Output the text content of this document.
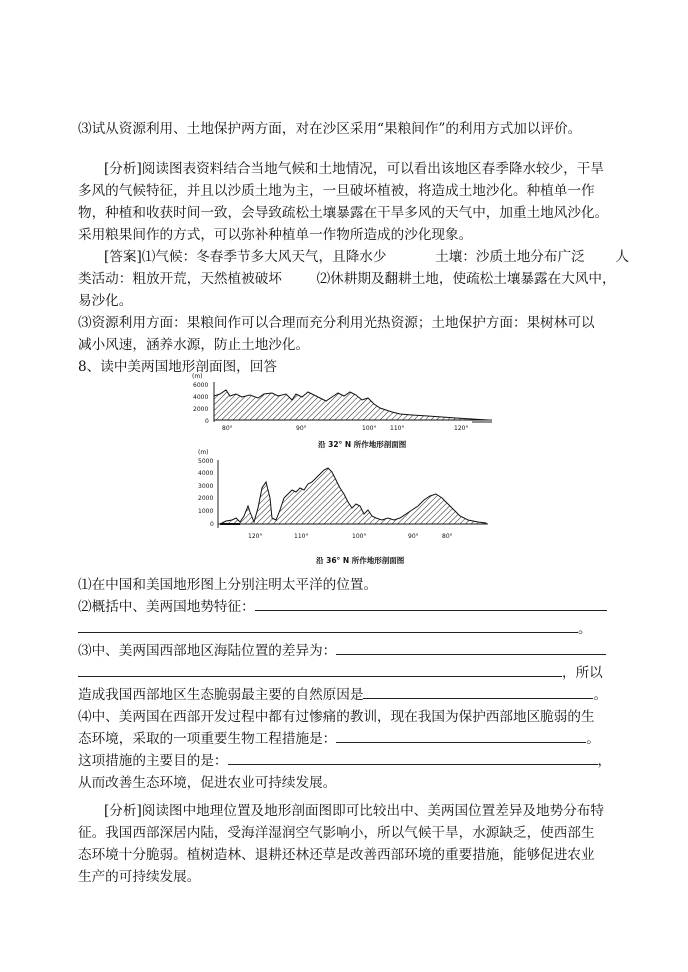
⑶试从资源利用、土地保护两方面，对在沙区采用“果粮间作”的利用方式加以评价。
[分析]阅读图表资料结合当地气候和土地情况，可以看出该地区春季降水较少，干旱
多风的气候特征，并且以沙质土地为主，一旦破坏植被，将造成土地沙化。种植单一作
物，种植和收获时间一致，会导致疏松土壤暴露在干旱多风的天气中，加重土地风沙化。
采用粮果间作的方式，可以弥补种植单一作物所造成的沙化现象。
[答案]⑴气候：冬春季节多大风天气，且降水少	土壤：沙质土地分布广泛 人
类活动：粗放开荒，天然植被破坏	⑵休耕期及翻耕土地，使疏松土壤暴露在大风中，
易沙化。
⑶资源利用方面：果粮间作可以合理而充分利用光热资源；土地保护方面：果树林可以
减小风速，涵养水源，防止土地沙化。
8、读中美两国地形剖面图，回答
(m)
6000
4000
2000
0
80°	90°	100° 110°	120°
沿 32° N 所作地形剖面图
(m)
5000
4000
3000
2000
1000
0
120°	110°	100°	90°	80°
沿 36° N 所作地形剖面图
⑴在中国和美国地形图上分别注明太平洋的位置。
⑵概括中、美两国地势特征：
。
⑶中、美两国西部地区海陆位置的差异为：
，所以
造成我国西部地区生态脆弱最主要的自然原因是	。
⑷中、美两国在西部开发过程中都有过惨痛的教训，现在我国为保护西部地区脆弱的生
态环境，采取的一项重要生物工程措施是：	。
这项措施的主要目的是：	，
从而改善生态环境，促进农业可持续发展。
[分析]阅读图中地理位置及地形剖面图即可比较出中、美两国位置差异及地势分布特
征。我国西部深居内陆，受海洋湿润空气影响小，所以气候干旱，水源缺乏，使西部生
态环境十分脆弱。植树造林、退耕还林还草是改善西部环境的重要措施，能够促进农业
生产的可持续发展。
